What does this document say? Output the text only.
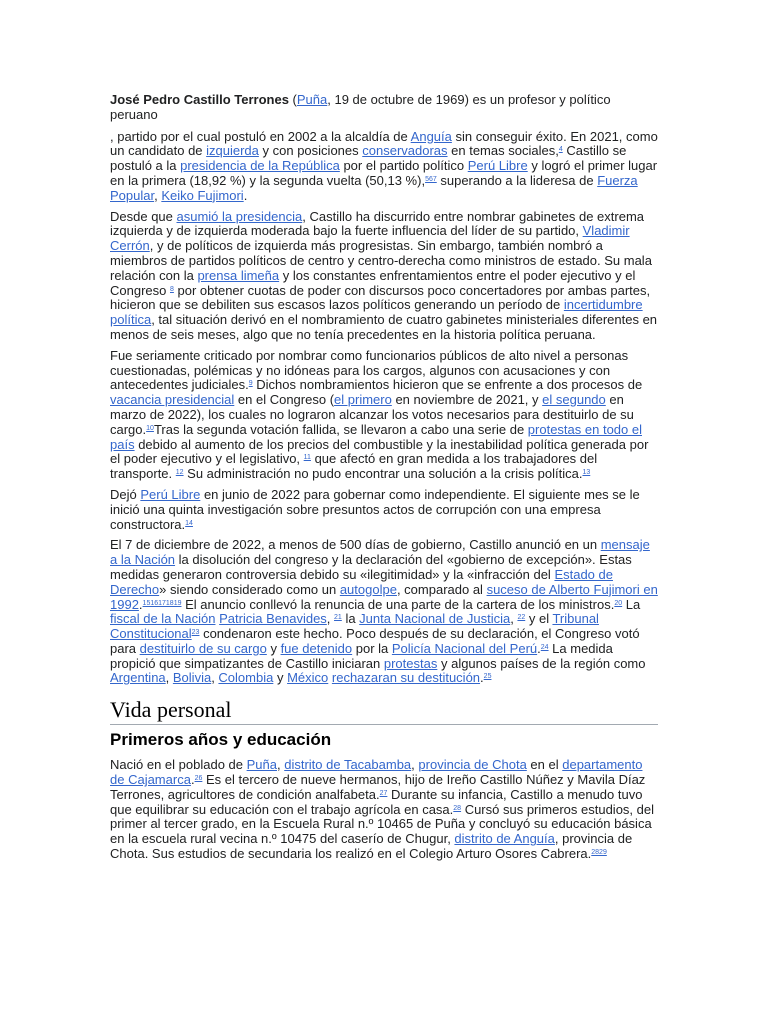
José Pedro Castillo Terrones (Puña, 19 de octubre de 1969) es un profesor y político peruano

, partido por el cual postuló en 2002 a la alcaldía de Anguía sin conseguir éxito. En 2021, como un candidato de izquierda y con posiciones conservadoras en temas sociales,$^4$ Castillo se postuló a la presidencia de la República por el partido político Perú Libre y logró el primer lugar en la primera (18,92 %) y la segunda vuelta (50,13 %),$^{567}$ superando a la lideresa de Fuerza Popular, Keiko Fujimori.

Desde que asumió la presidencia, Castillo ha discurrido entre nombrar gabinetes de extrema izquierda y de izquierda moderada bajo la fuerte influencia del líder de su partido, Vladimir Cerrón, y de políticos de izquierda más progresistas. Sin embargo, también nombró a miembros de partidos políticos de centro y centro-derecha como ministros de estado. Su mala relación con la prensa limeña y los constantes enfrentamientos entre el poder ejecutivo y el Congreso $^8$ por obtener cuotas de poder con discursos poco concertadores por ambas partes, hicieron que se debiliten sus escasos lazos políticos generando un período de incertidumbre política, tal situación derivó en el nombramiento de cuatro gabinetes ministeriales diferentes en menos de seis meses, algo que no tenía precedentes en la historia política peruana.

Fue seriamente criticado por nombrar como funcionarios públicos de alto nivel a personas cuestionadas, polémicas y no idóneas para los cargos, algunos con acusaciones y con antecedentes judiciales.$^9$ Dichos nombramientos hicieron que se enfrente a dos procesos de vacancia presidencial en el Congreso (el primero en noviembre de 2021, y el segundo en marzo de 2022), los cuales no lograron alcanzar los votos necesarios para destituirlo de su cargo.$^{10}$Tras la segunda votación fallida, se llevaron a cabo una serie de protestas en todo el país debido al aumento de los precios del combustible y la inestabilidad política generada por el poder ejecutivo y el legislativo, $^{11}$ que afectó en gran medida a los trabajadores del transporte. $^{12}$ Su administración no pudo encontrar una solución a la crisis política.$^{13}$

Dejó Perú Libre en junio de 2022 para gobernar como independiente. El siguiente mes se le inició una quinta investigación sobre presuntos actos de corrupción con una empresa constructora.$^{14}$

El 7 de diciembre de 2022, a menos de 500 días de gobierno, Castillo anunció en un mensaje a la Nación la disolución del congreso y la declaración del «gobierno de excepción». Estas medidas generaron controversia debido su «ilegitimidad» y la «infracción del Estado de Derecho» siendo considerado como un autogolpe, comparado al suceso de Alberto Fujimori en 1992.$^{1516171819}$ El anuncio conllevó la renuncia de una parte de la cartera de los ministros.$^{20}$ La fiscal de la Nación Patricia Benavides, $^{21}$ la Junta Nacional de Justicia, $^{22}$ y el Tribunal Constitucional$^{23}$ condenaron este hecho. Poco después de su declaración, el Congreso votó para destituirlo de su cargo y fue detenido por la Policía Nacional del Perú.$^{24}$ La medida propició que simpatizantes de Castillo iniciaran protestas y algunos países de la región como Argentina, Bolivia, Colombia y México rechazaran su destitución.$^{25}$

Vida personal
Primeros años y educación

Nació en el poblado de Puña, distrito de Tacabamba, provincia de Chota en el departamento de Cajamarca.$^{26}$ Es el tercero de nueve hermanos, hijo de Ireño Castillo Núñez y Mavila Díaz Terrones, agricultores de condición analfabeta.$^{27}$ Durante su infancia, Castillo a menudo tuvo que equilibrar su educación con el trabajo agrícola en casa.$^{28}$ Cursó sus primeros estudios, del primer al tercer grado, en la Escuela Rural n.º 10465 de Puña y concluyó su educación básica en la escuela rural vecina n.º 10475 del caserío de Chugur, distrito de Anguía, provincia de Chota. Sus estudios de secundaria los realizó en el Colegio Arturo Osores Cabrera.$^{2829}$
